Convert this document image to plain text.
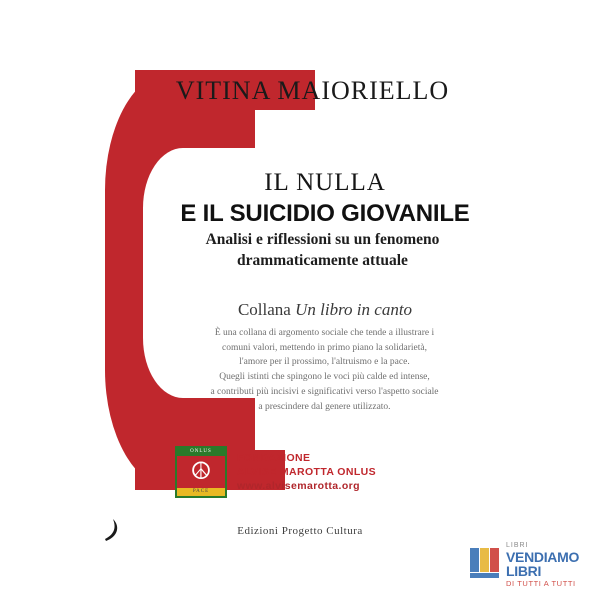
VITINA MAIORIELLO
IL NULLA
E IL SUICIDIO GIOVANILE
Analisi e riflessioni su un fenomeno
drammaticamente attuale
Collana Un libro in canto
È una collana di argomento sociale che tende a illustrare i
comuni valori, mettendo in primo piano la solidarietà,
l'amore per il prossimo, l'altruismo e la pace.
Quegli istinti che spingono le voci più calde ed intense,
a contributi più incisivi e significativi verso l'aspetto sociale
a prescindere dal genere utilizzato.
ONLUS
☮
PACE
FONDAZIONE
ALVISE MAROTTA ONLUS
www.alvisemarotta.org
Edizioni Progetto Cultura
LIBRI
VENDIAMO
LIBRI
DI TUTTI A TUTTI
